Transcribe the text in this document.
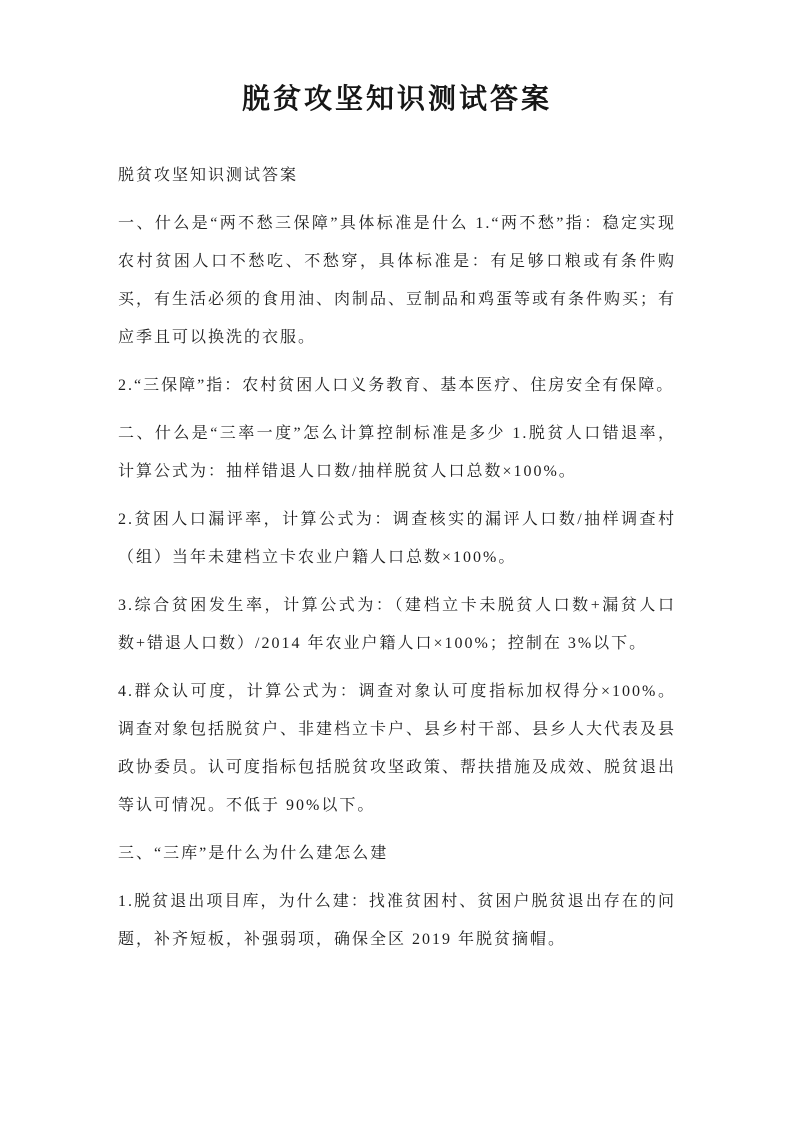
脱贫攻坚知识测试答案

脱贫攻坚知识测试答案

一、什么是“两不愁三保障”具体标准是什么 1.“两不愁”指：稳定实现农村贫困人口不愁吃、不愁穿，具体标准是：有足够口粮或有条件购买，有生活必须的食用油、肉制品、豆制品和鸡蛋等或有条件购买；有应季且可以换洗的衣服。

2.“三保障”指：农村贫困人口义务教育、基本医疗、住房安全有保障。

二、什么是“三率一度”怎么计算控制标准是多少 1.脱贫人口错退率，计算公式为：抽样错退人口数/抽样脱贫人口总数×100%。

2.贫困人口漏评率，计算公式为：调查核实的漏评人口数/抽样调查村（组）当年未建档立卡农业户籍人口总数×100%。

3.综合贫困发生率，计算公式为：（建档立卡未脱贫人口数+漏贫人口数+错退人口数）/2014 年农业户籍人口×100%；控制在 3%以下。

4.群众认可度，计算公式为：调查对象认可度指标加权得分×100%。调查对象包括脱贫户、非建档立卡户、县乡村干部、县乡人大代表及县政协委员。认可度指标包括脱贫攻坚政策、帮扶措施及成效、脱贫退出等认可情况。不低于 90%以下。

三、“三库”是什么为什么建怎么建

1.脱贫退出项目库，为什么建：找准贫困村、贫困户脱贫退出存在的问题，补齐短板，补强弱项，确保全区 2019 年脱贫摘帽。
